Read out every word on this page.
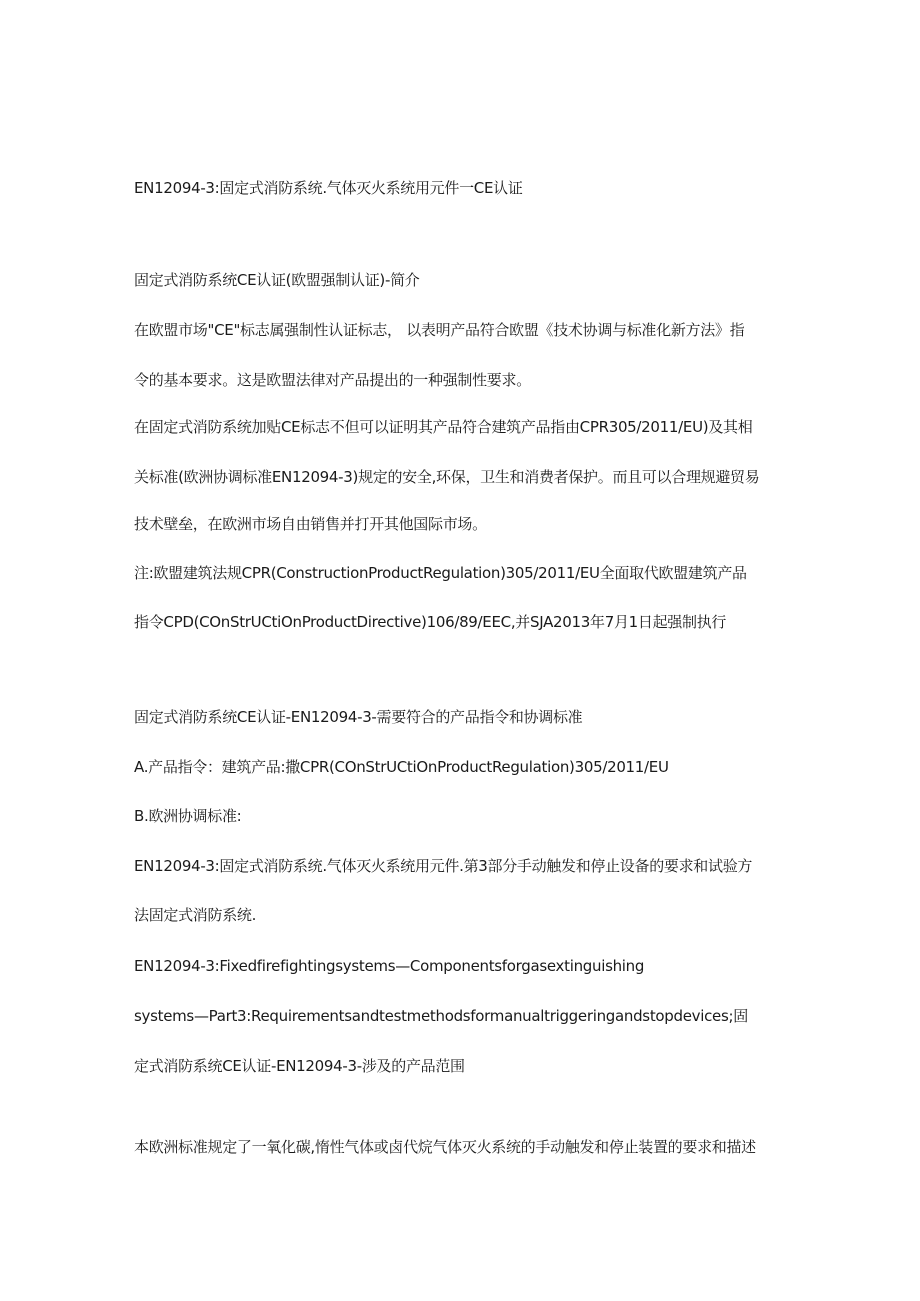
EN12094-3:固定式消防系统.气体灭火系统用元件一CE认证
固定式消防系统CE认证(欧盟强制认证)-简介
在欧盟市场"CE"标志属强制性认证标志， 以表明产品符合欧盟《技术协调与标准化新方法》指
令的基本要求。这是欧盟法律对产品提出的一种强制性要求。
在固定式消防系统加贴CE标志不但可以证明其产品符合建筑产品指由CPR305/2011/EU)及其相
关标准(欧洲协调标准EN12094-3)规定的安全,环保，卫生和消费者保护。而且可以合理规避贸易
技术壁垒，在欧洲市场自由销售并打开其他国际市场。
注:欧盟建筑法规CPR(ConstructionProductRegulation)305/2011/EU全面取代欧盟建筑产品
指令CPD(COnStrUCtiOnProductDirective)106/89/EEC,并SJA2013年7月1日起强制执行
固定式消防系统CE认证-EN12094-3-需要符合的产品指令和协调标准
A.产品指令：建筑产品:撒CPR(COnStrUCtiOnProductRegulation)305/2011/EU
B.欧洲协调标准:
EN12094-3:固定式消防系统.气体灭火系统用元件.第3部分手动触发和停止设备的要求和试验方
法固定式消防系统.
EN12094-3:Fixedfirefightingsystems—Componentsforgasextinguishing
systems—Part3:Requirementsandtestmethodsformanualtriggeringandstopdevices;固
定式消防系统CE认证-EN12094-3-涉及的产品范围
本欧洲标准规定了一氧化碳,惰性气体或卤代烷气体灭火系统的手动触发和停止装置的要求和描述
